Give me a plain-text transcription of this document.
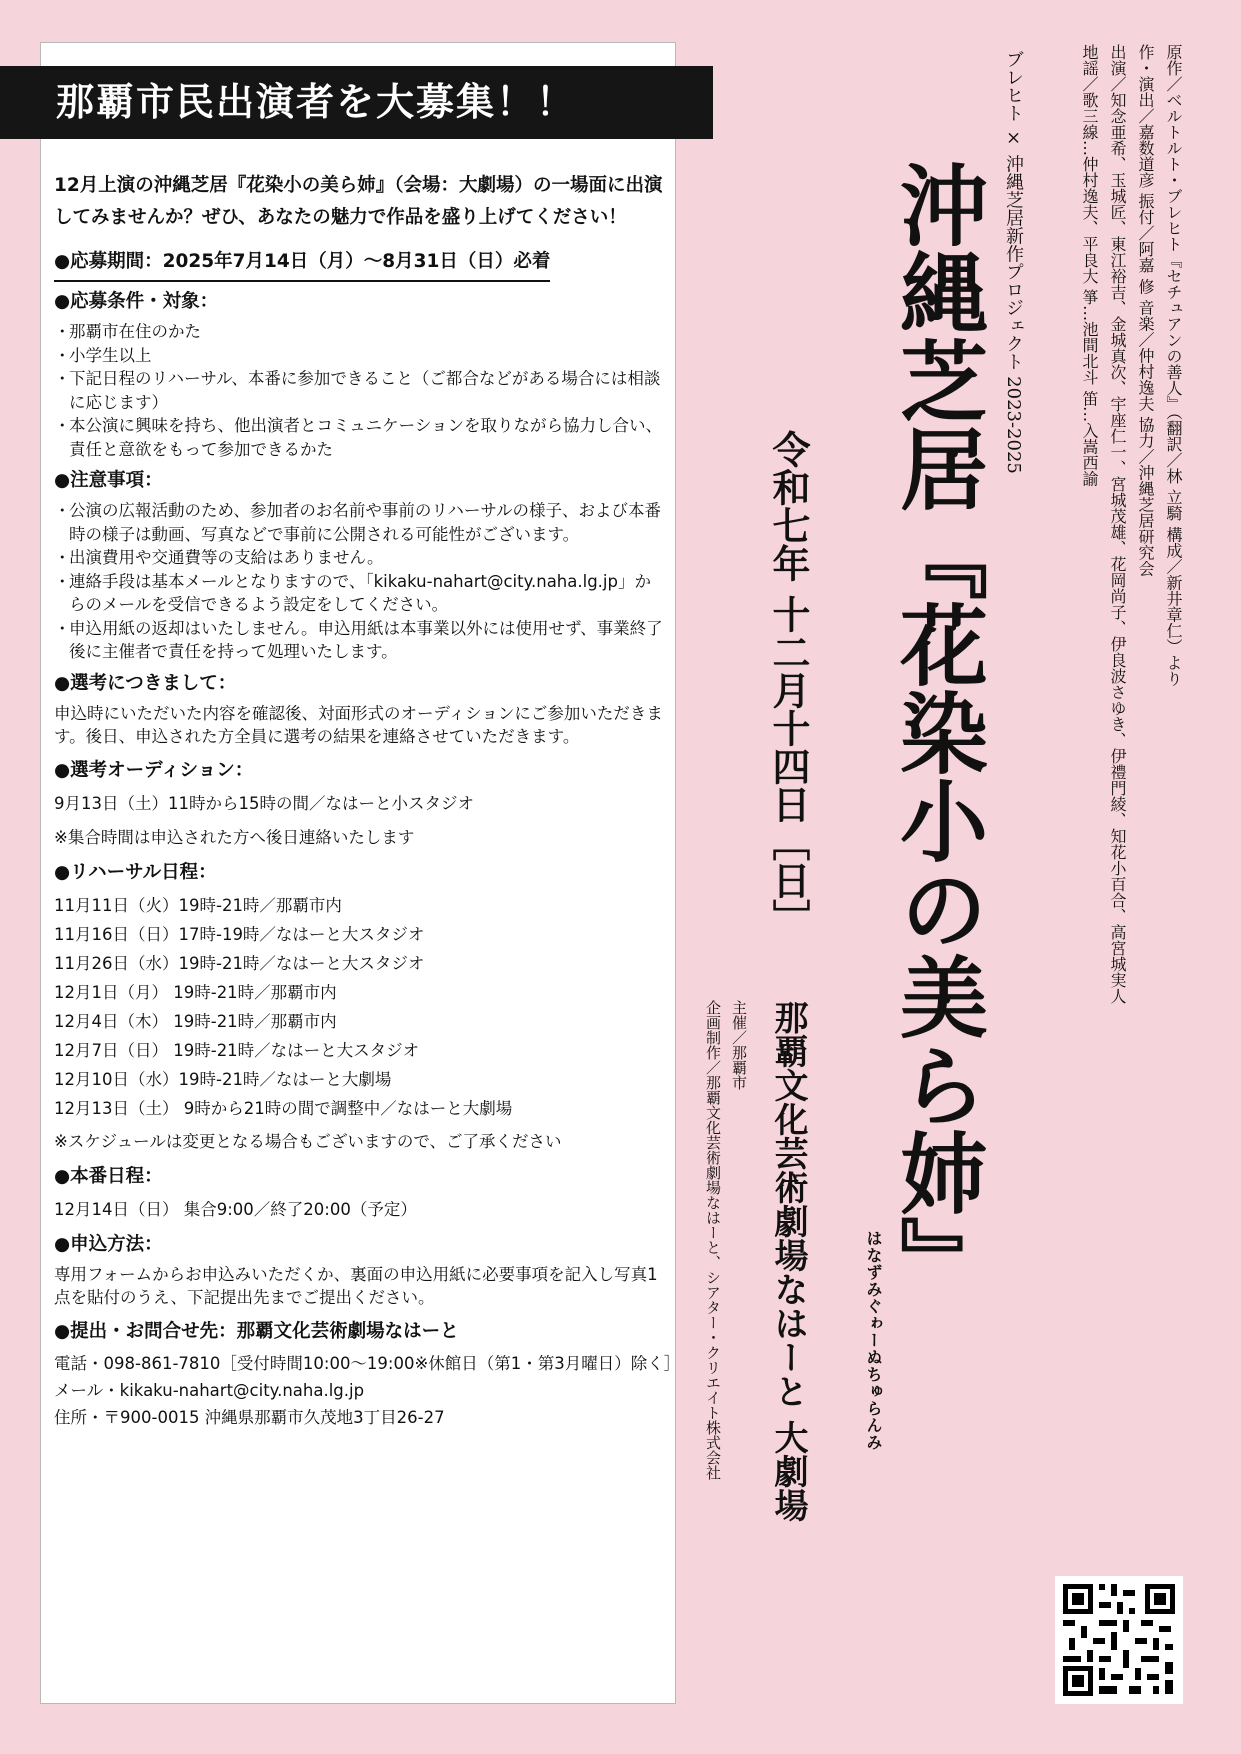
那覇市民出演者を大募集！！

12月上演の沖縄芝居『花染小の美ら姉』（会場：大劇場）の一場面に出演してみませんか？ぜひ、あなたの魅力で作品を盛り上げてください！

●応募期間：2025年7月14日（月）〜8月31日（日）必着
●応募条件・対象：
・ 那覇市在住のかた
・ 小学生以上
・ 下記日程のリハーサル、本番に参加できること（ご都合などがある場合には相談に応じます）
・ 本公演に興味を持ち、他出演者とコミュニケーションを取りながら協力し合い、責任と意欲をもって参加できるかた
●注意事項：
・ 公演の広報活動のため、参加者のお名前や事前のリハーサルの様子、および本番時の様子は動画、写真などで事前に公開される可能性がございます。
・ 出演費用や交通費等の支給はありません。
・ 連絡手段は基本メールとなりますので、「kikaku-nahart@city.naha.lg.jp」からのメールを受信できるよう設定をしてください。
・ 申込用紙の返却はいたしません。申込用紙は本事業以外には使用せず、事業終了後に主催者で責任を持って処理いたします。
●選考につきまして：

申込時にいただいた内容を確認後、対面形式のオーディションにご参加いただきます。後日、申込された方全員に選考の結果を連絡させていただきます。

●選考オーディション：
9月13日（土）11時から15時の間／なはーと小スタジオ
※集合時間は申込された方へ後日連絡いたします
●リハーサル日程：
11月11日（火）19時-21時／那覇市内
11月16日（日）17時-19時／なはーと大スタジオ
11月26日（水）19時-21時／なはーと大スタジオ
12月1日（月） 19時-21時／那覇市内
12月4日（木） 19時-21時／那覇市内
12月7日（日） 19時-21時／なはーと大スタジオ
12月10日（水）19時-21時／なはーと大劇場
12月13日（土） 9時から21時の間で調整中／なはーと大劇場
※スケジュールは変更となる場合もございますので、ご了承ください
●本番日程：
12月14日（日） 集合9:00／終了20:00（予定）
●申込方法：

専用フォームからお申込みいただくか、裏面の申込用紙に必要事項を記入し写真1点を貼付のうえ、下記提出先までご提出ください。

●提出・お問合せ先：那覇文化芸術劇場なはーと
電話・098-861-7810［受付時間10:00〜19:00※休館日（第1・第3月曜日）除く］
メール・kikaku-nahart@city.naha.lg.jp
住所・〒900-0015 沖縄県那覇市久茂地3丁目26-27

原作／ベルトルト・ブレヒト『セチュアンの善人』（翻訳／林 立騎 構成／新井章仁）より

作・演出／嘉数道彦 振付／阿嘉 修 音楽／仲村逸夫 協力／沖縄芝居研究会

出演／知念亜希、玉城匠、東江裕吉、金城真次、宇座仁一、宮城茂雄、花岡尚子、伊良波さゆき、伊禮門綾、知花小百合、高宮城実人

地謡／歌三線…仲村逸夫、平良大 箏…池間北斗 笛…入嵩西諭

ブレヒト × 沖縄芝居新作プロジェクト 2023-2025
沖縄芝居『花染小の美ら姉』
はなずみぐゎーぬちゅらんみ
令和七年 十二月十四日［日］
那覇文化芸術劇場なはーと 大劇場

主催／那覇市

企画制作／那覇文化芸術劇場なはーと、シアター・クリエイト株式会社
